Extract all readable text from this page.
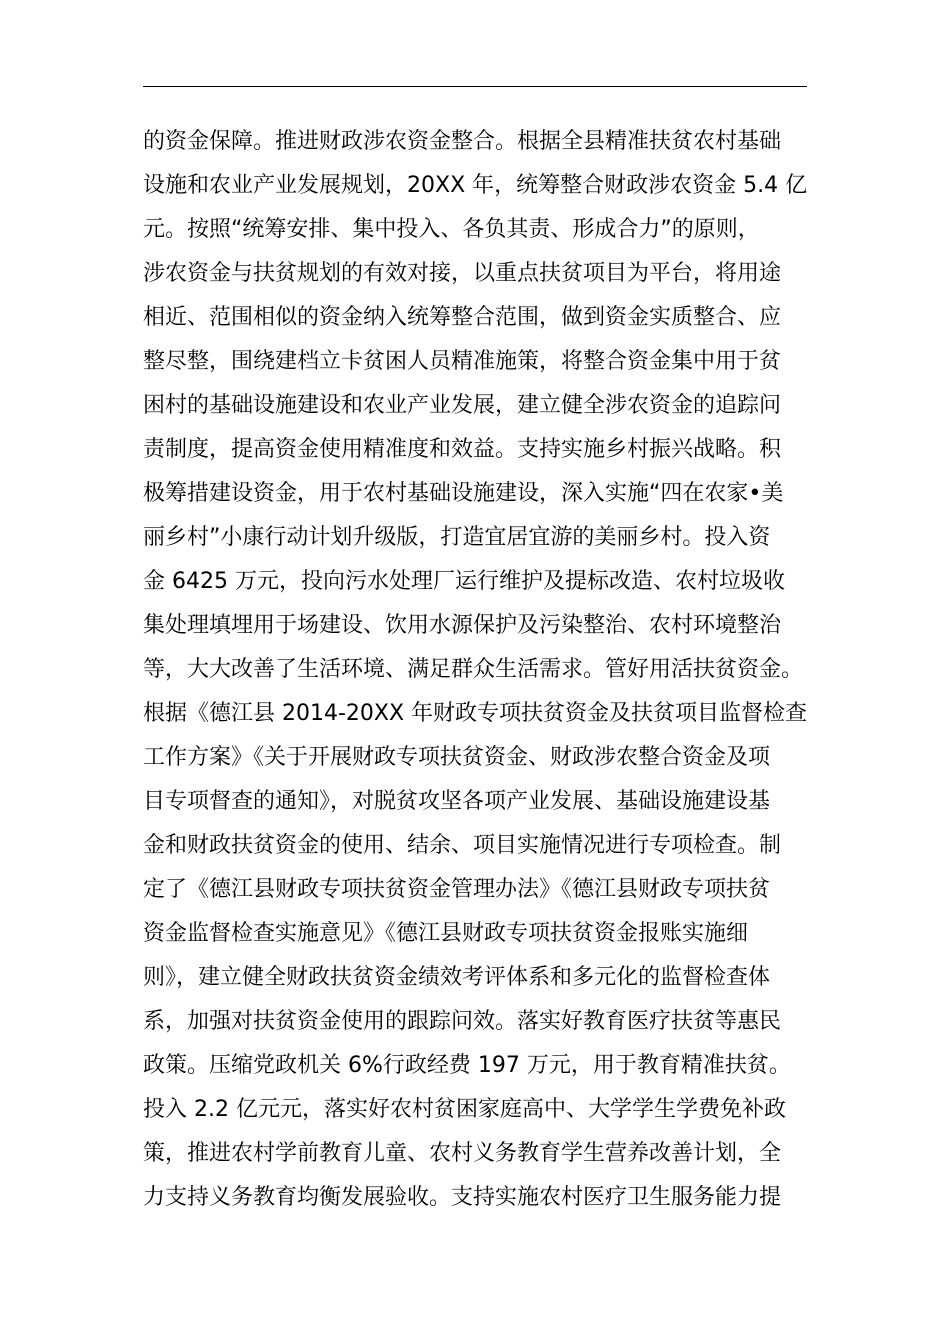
的资金保障。推进财政涉农资金整合。根据全县精准扶贫农村基础
设施和农业产业发展规划，20XX 年，统筹整合财政涉农资金 5.4 亿
元。按照“统筹安排、集中投入、各负其责、形成合力”的原则，
涉农资金与扶贫规划的有效对接，以重点扶贫项目为平台，将用途
相近、范围相似的资金纳入统筹整合范围，做到资金实质整合、应
整尽整，围绕建档立卡贫困人员精准施策，将整合资金集中用于贫
困村的基础设施建设和农业产业发展，建立健全涉农资金的追踪问
责制度，提高资金使用精准度和效益。支持实施乡村振兴战略。积
极筹措建设资金，用于农村基础设施建设，深入实施“四在农家•美
丽乡村”小康行动计划升级版，打造宜居宜游的美丽乡村。投入资
金 6425 万元，投向污水处理厂运行维护及提标改造、农村垃圾收
集处理填埋用于场建设、饮用水源保护及污染整治、农村环境整治
等，大大改善了生活环境、满足群众生活需求。管好用活扶贫资金。
根据《德江县 2014-20XX 年财政专项扶贫资金及扶贫项目监督检查
工作方案》《关于开展财政专项扶贫资金、财政涉农整合资金及项
目专项督查的通知》，对脱贫攻坚各项产业发展、基础设施建设基
金和财政扶贫资金的使用、结余、项目实施情况进行专项检查。制
定了《德江县财政专项扶贫资金管理办法》《德江县财政专项扶贫
资金监督检查实施意见》《德江县财政专项扶贫资金报账实施细
则》，建立健全财政扶贫资金绩效考评体系和多元化的监督检查体
系，加强对扶贫资金使用的跟踪问效。落实好教育医疗扶贫等惠民
政策。压缩党政机关 6%行政经费 197 万元，用于教育精准扶贫。
投入 2.2 亿元元，落实好农村贫困家庭高中、大学学生学费免补政
策，推进农村学前教育儿童、农村义务教育学生营养改善计划，全
力支持义务教育均衡发展验收。支持实施农村医疗卫生服务能力提
